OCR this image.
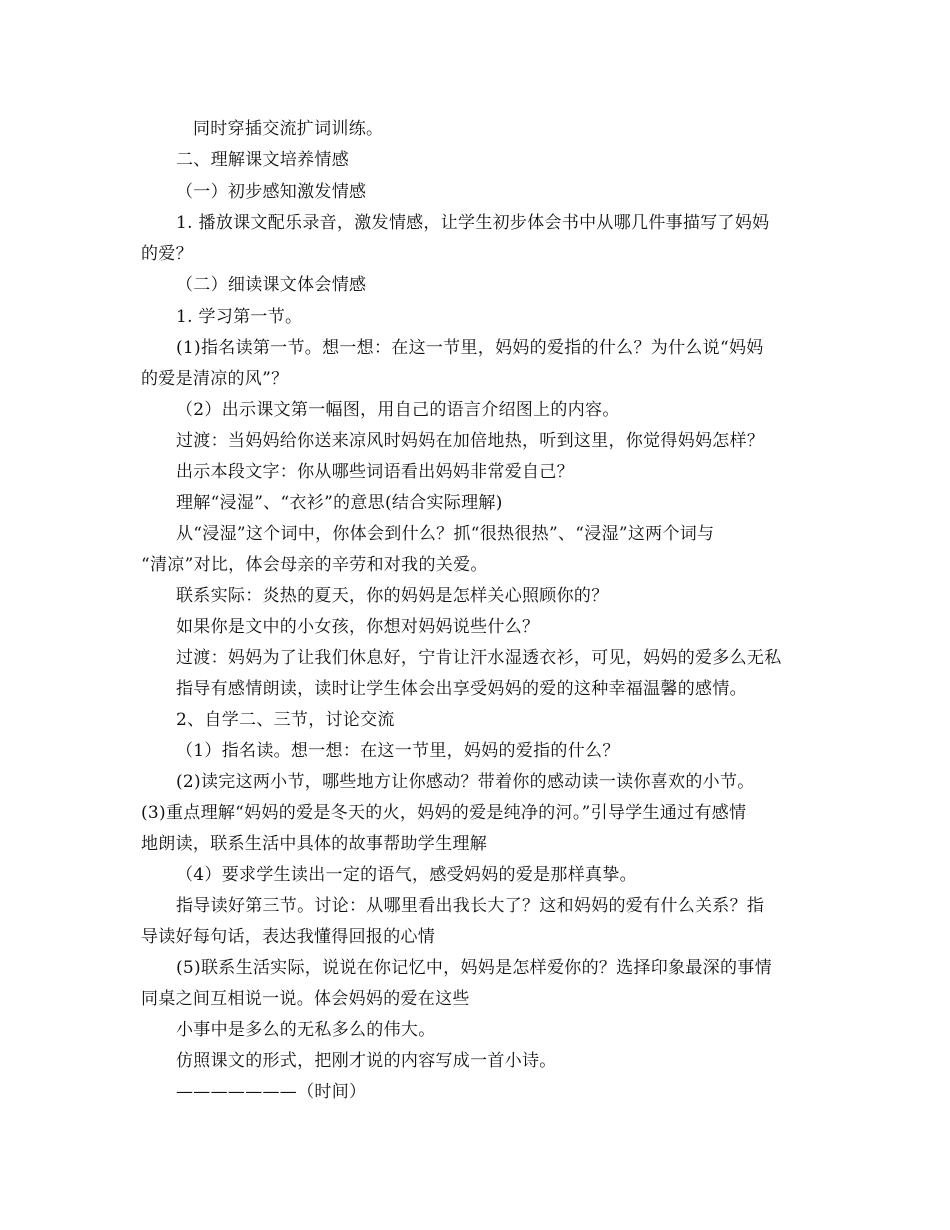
同时穿插交流扩词训练。
二、理解课文培养情感
（一）初步感知激发情感
1. 播放课文配乐录音，激发情感，让学生初步体会书中从哪几件事描写了妈妈
的爱？
（二）细读课文体会情感
1. 学习第一节。
(1)指名读第一节。想一想：在这一节里，妈妈的爱指的什么？为什么说“妈妈
的爱是清凉的风”？
（2）出示课文第一幅图，用自己的语言介绍图上的内容。
过渡：当妈妈给你送来凉风时妈妈在加倍地热，听到这里，你觉得妈妈怎样？
出示本段文字：你从哪些词语看出妈妈非常爱自己？
理解“浸湿”、“衣衫”的意思(结合实际理解)
从“浸湿”这个词中，你体会到什么？抓“很热很热”、“浸湿”这两个词与
“清凉”对比，体会母亲的辛劳和对我的关爱。
联系实际：炎热的夏天，你的妈妈是怎样关心照顾你的？
如果你是文中的小女孩，你想对妈妈说些什么？
过渡：妈妈为了让我们休息好，宁肯让汗水湿透衣衫，可见，妈妈的爱多么无私
指导有感情朗读，读时让学生体会出享受妈妈的爱的这种幸福温馨的感情。
2、自学二、三节，讨论交流
（1）指名读。想一想：在这一节里，妈妈的爱指的什么？
(2)读完这两小节，哪些地方让你感动？带着你的感动读一读你喜欢的小节。
(3)重点理解“妈妈的爱是冬天的火，妈妈的爱是纯净的河。”引导学生通过有感情
地朗读，联系生活中具体的故事帮助学生理解
（4）要求学生读出一定的语气，感受妈妈的爱是那样真挚。
指导读好第三节。讨论：从哪里看出我长大了？这和妈妈的爱有什么关系？指
导读好每句话，表达我懂得回报的心情
(5)联系生活实际，说说在你记忆中，妈妈是怎样爱你的？选择印象最深的事情
同桌之间互相说一说。体会妈妈的爱在这些
小事中是多么的无私多么的伟大。
仿照课文的形式，把刚才说的内容写成一首小诗。
———————（时间）
